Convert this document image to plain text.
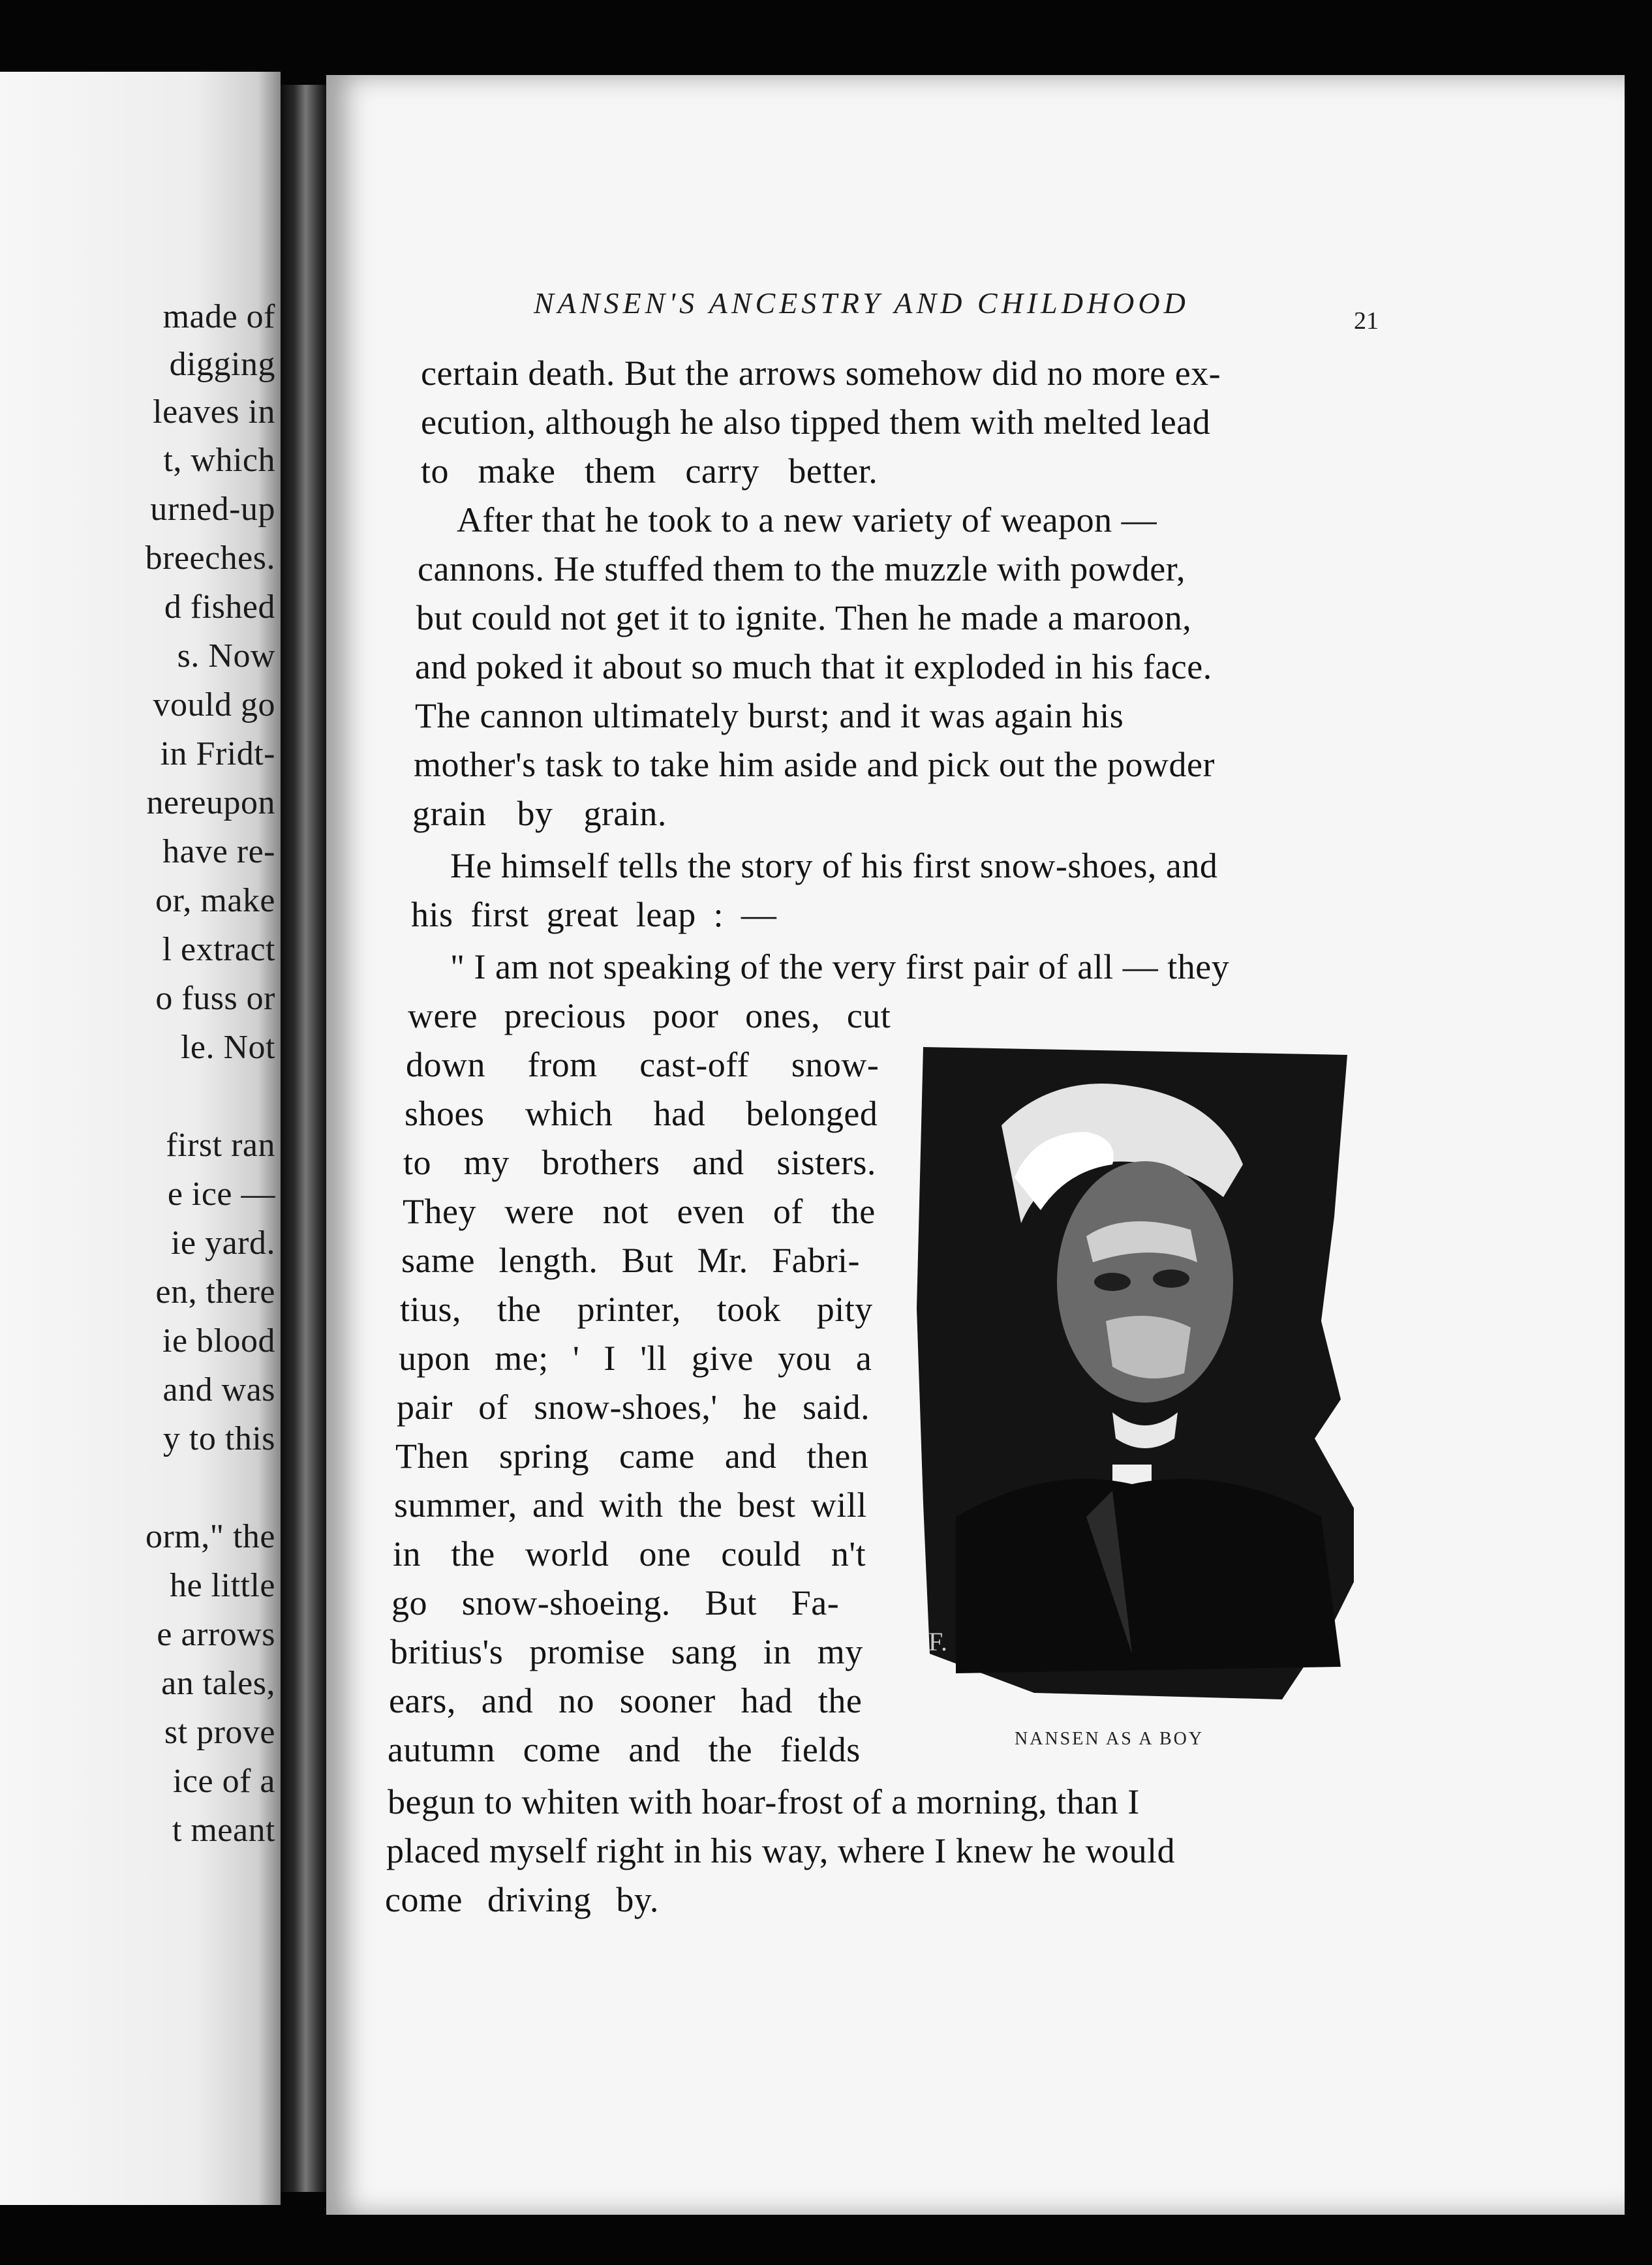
made of
digging
leaves in
t, which
urned-up
breeches.
d fished
s. Now
vould go
in Fridt-
nereupon
have re-
or, make
l extract
o fuss or
le. Not
first ran
e ice —
ie yard.
en, there
ie blood
and was
y to this
orm," the
he little
e arrows
an tales,
st prove
ice of a
t meant
NANSEN'S ANCESTRY AND CHILDHOOD
21
certain death. But the arrows somehow did no more ex-
ecution, although he also tipped them with melted lead
to make them carry better.
After that he took to a new variety of weapon —
cannons. He stuffed them to the muzzle with powder,
but could not get it to ignite. Then he made a maroon,
and poked it about so much that it exploded in his face.
The cannon ultimately burst; and it was again his
mother's task to take him aside and pick out the powder
grain by grain.
He himself tells the story of his first snow-shoes, and
his first great leap : —
" I am not speaking of the very first pair of all — they
were precious poor ones, cut
down from cast-off snow-
shoes which had belonged
to my brothers and sisters.
They were not even of the
same length. But Mr. Fabri-
tius, the printer, took pity
upon me; ' I 'll give you a
pair of snow-shoes,' he said.
Then spring came and then
summer, and with the best will
in the world one could n't
go snow-shoeing. But Fa-
britius's promise sang in my
ears, and no sooner had the
autumn come and the fields
begun to whiten with hoar-frost of a morning, than I
placed myself right in his way, where I knew he would
come driving by.
F.
NANSEN AS A BOY
